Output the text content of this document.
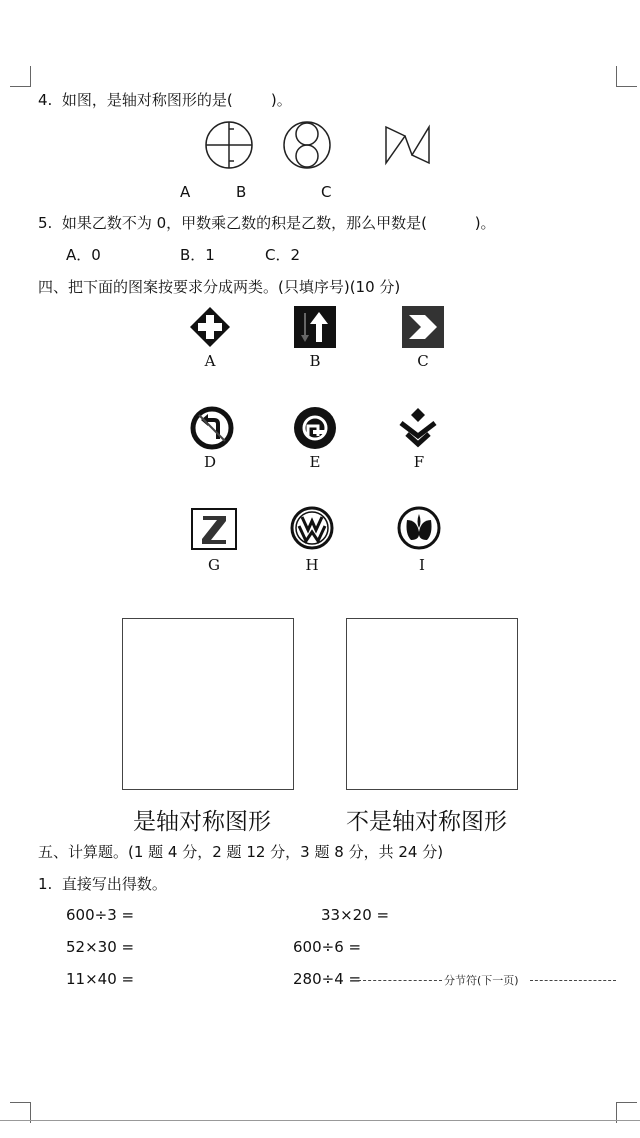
4.  如图，是轴对称图形的是(        )。
A	B	C
5.  如果乙数不为 0，甲数乘乙数的积是乙数，那么甲数是(          )。
A．0	B．1	C．2
四、把下面的图案按要求分成两类。(只填序号)(10 分)
A	B	C
D	E	F
G	H	I
是轴对称图形	不是轴对称图形
五、计算题。(1 题 4 分，2 题 12 分，3 题 8 分，共 24 分)
1.  直接写出得数。
600÷3 =	33×20 =
52×30 =	600÷6 =
11×40 =	280÷4 =	分节符(下一页)
